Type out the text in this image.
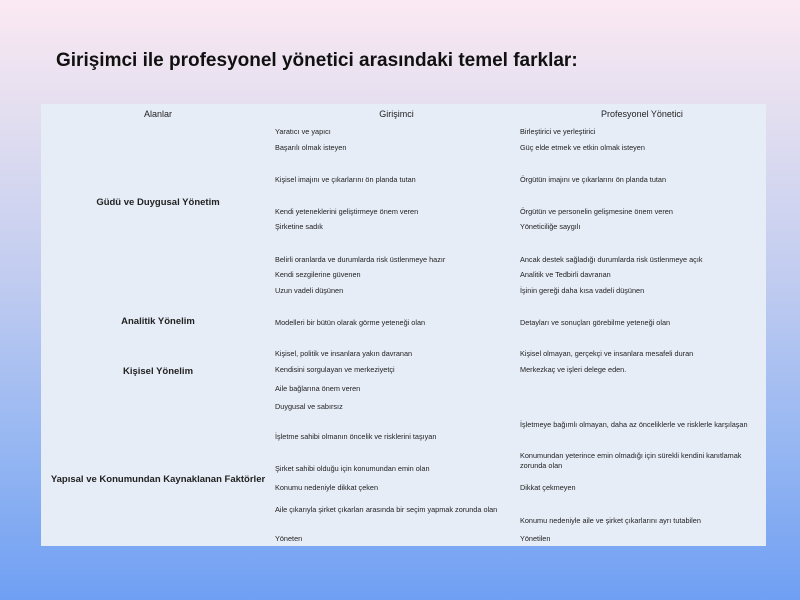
Girişimci ile profesyonel yönetici arasındaki temel farklar:
Alanlar	Girişimci	Profesyonel Yönetici
Güdü ve Duygusal Yönetim
Analitik Yönelim
Kişisel Yönelim
Yapısal ve Konumundan Kaynaklanan Faktörler
Yaratıcı ve yapıcı
Başarılı olmak isteyen
Kişisel imajını ve çıkarlarını ön planda tutan
Kendi yeteneklerini geliştirmeye önem veren
Şirketine sadık
Belirli oranlarda ve durumlarda risk üstlenmeye hazır
Kendi sezgilerine güvenen
Uzun vadeli düşünen
Modelleri bir bütün olarak görme yeteneği olan
Kişisel, politik ve insanlara yakın davranan
Kendisini sorgulayan ve merkeziyetçi
Aile bağlarına önem veren
Duygusal ve sabırsız
İşletme sahibi olmanın öncelik ve risklerini taşıyan
Şirket sahibi olduğu için konumundan emin olan
Konumu nedeniyle dikkat çeken
Aile çıkarıyla şirket çıkarları arasında bir seçim yapmak zorunda olan
Yöneten
Birleştirici ve yerleştirici
Güç elde etmek ve etkin olmak isteyen
Örgütün imajını ve çıkarlarını ön planda tutan
Örgütün ve personelin gelişmesine önem veren
Yöneticiliğe saygılı
Ancak destek sağladığı durumlarda risk üstlenmeye açık
Analitik ve Tedbirli davranan
İşinin gereği daha kısa vadeli düşünen
Detayları ve sonuçları görebilme yeteneği olan
Kişisel olmayan, gerçekçi ve insanlara mesafeli duran
Merkezkaç ve işleri delege eden.
İşletmeye bağımlı olmayan, daha az önceliklerle ve risklerle karşılaşan
Konumundan yeterince emin olmadığı için sürekli kendini kanıtlamak zorunda olan
Dikkat çekmeyen
Konumu nedeniyle aile ve şirket çıkarlarını ayrı tutabilen
Yönetilen
